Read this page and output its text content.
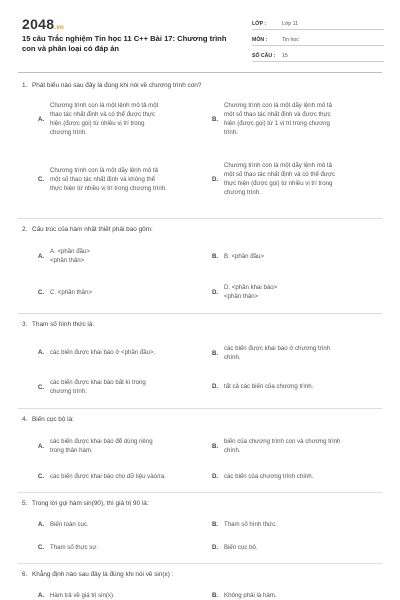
2048.vn
15 câu Trắc nghiệm Tin học 11 C++ Bài 17: Chương trình con và phân loại có đáp án
LỚP :	Lớp 11
MÔN :	Tin học
SỐ CÂU :	15
1. Phát biểu nào sau đây là đúng khi nói về chương trình con?
A.
Chương trình con là một lệnh mô tả một
thao tác nhất định và có thể được thực
hiện (được gọi) từ nhiều vị trí trong
chương trình.
B.
Chương trình con là một dãy lệnh mô tả
một số thao tác nhất định và được thực
hiện (được gọi) từ 1 vị trí trong chương
trình.
C.
Chương trình con là một dãy lệnh mô tả
một số thao tác nhất định và không thể
thực hiện từ nhiều vị trí trong chương trình.
D.
Chương trình con là một dãy lệnh mô tả
một số thao tác nhất định và có thể được
thực hiện (được gọi) từ nhiều vị trí trong
chương trình.
2. Cấu trúc của hàm nhất thiết phải bao gồm:
A.
A. <phần đầu>
<phần thân>
B. B. <phần đầu>
C. C. <phần thân>	D.
D. <phần khai báo>
<phần thân>
3. Tham số hình thức là:
A. các biến được khai báo ở <phần đầu>.	B.
các biến được khai báo ở chương trình
chính.
C.
các biến được khai báo bất kì trong
chương trình.
D. tất cả các biến của chương trình.
4. Biến cục bộ là:
A.
các biến được khai báo để dùng riêng
trong thân hàm.
B.
biến của chương trình con và chương trình
chính.
C. các biến được khai báo cho dữ liệu vào/ra.	D. các biến của chương trình chính.
5. Trong lời gọi hàm sin(90), thì giá trị 90 là:
A. Biến toàn cục.	B. Tham số hình thức.
C. Tham số thực sự.	D. Biến cục bộ.
6. Khẳng định nào sau đây là đúng khi nói về sin(x) :
A. Hàm trả về giá trị sin(x).	B. Không phải là hàm.
